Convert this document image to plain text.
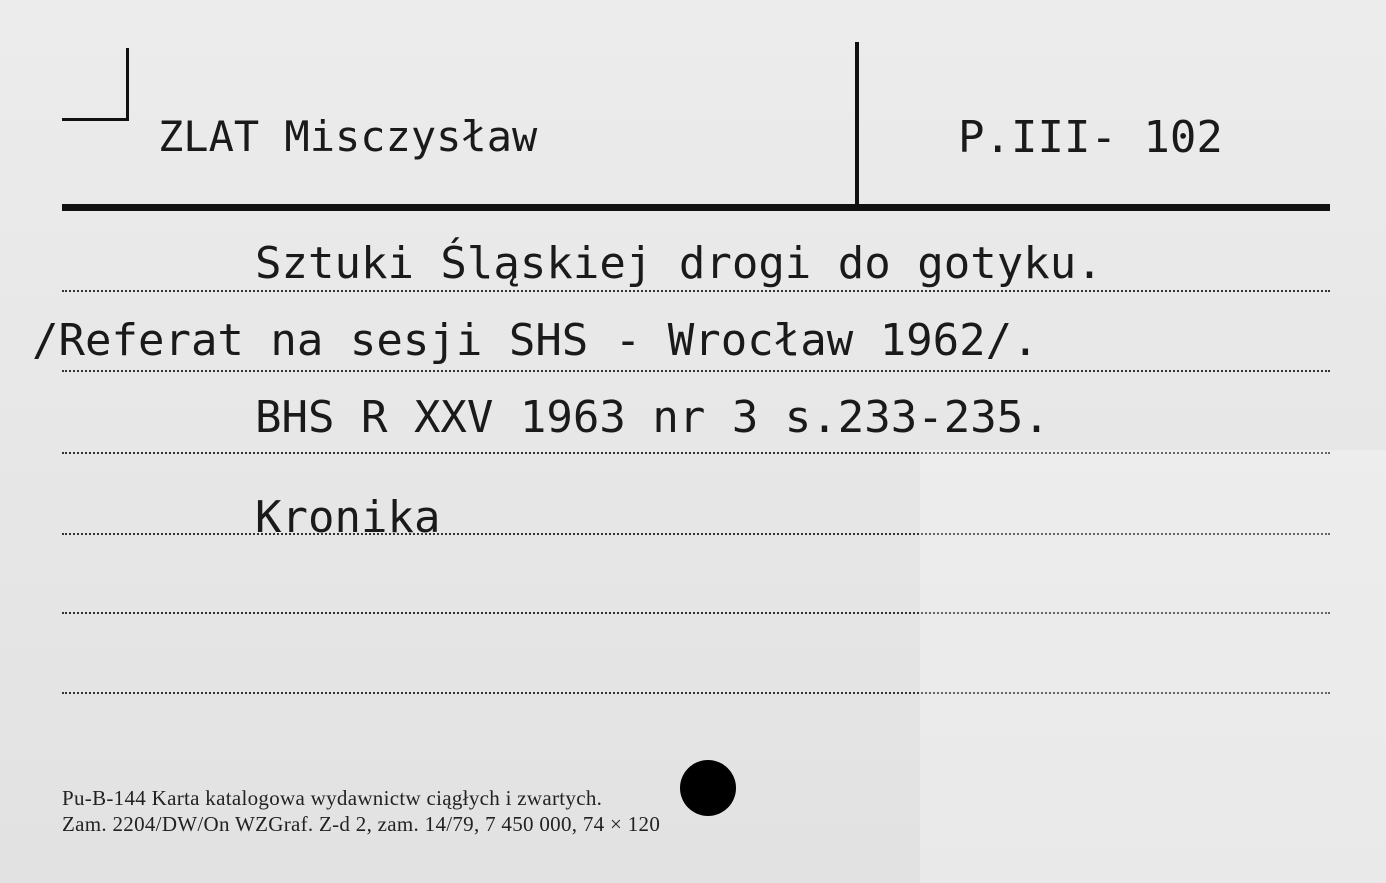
ZLAT Misczysław	P.III- 102
Sztuki Śląskiej drogi do gotyku.
/Referat na sesji SHS - Wrocław 1962/.
BHS R XXV 1963 nr 3 s.233-235.
Kronika
Pu-B-144 Karta katalogowa wydawnictw ciągłych i zwartych.
Zam. 2204/DW/On WZGraf. Z-d 2, zam. 14/79, 7 450 000, 74 × 120
